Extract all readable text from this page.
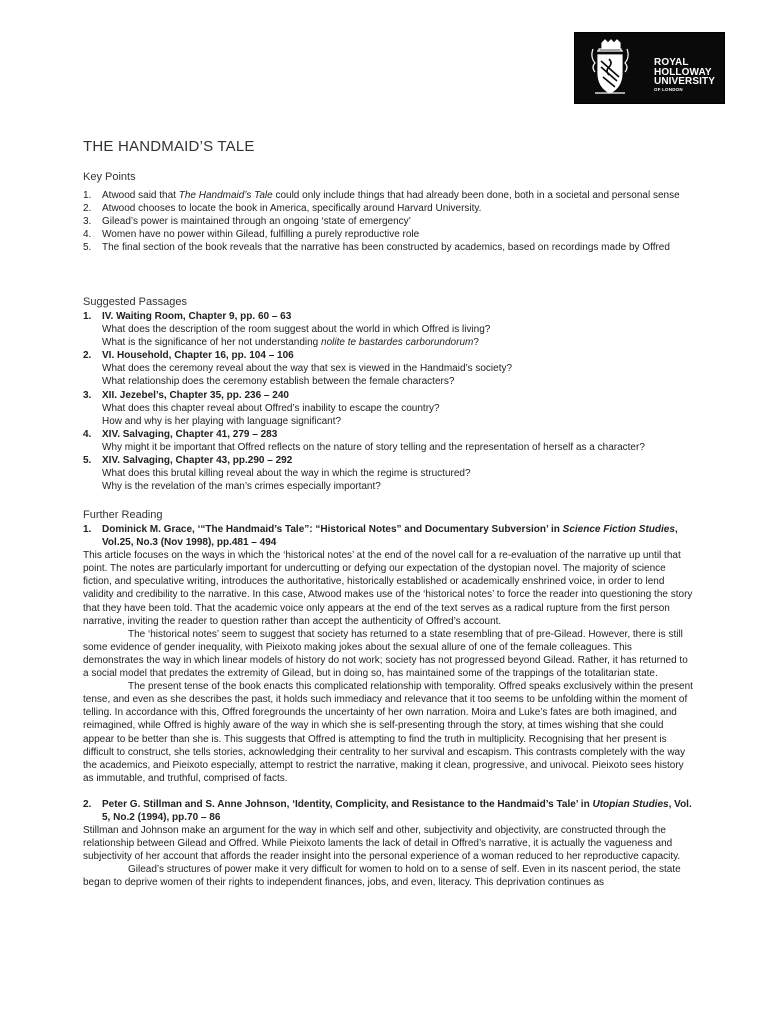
ROYAL
HOLLOWAY
UNIVERSITY
OF LONDON
THE HANDMAID’S TALE
Key Points
1. Atwood said that The Handmaid’s Tale could only include things that had already been done, both in a societal and personal sense
2. Atwood chooses to locate the book in America, specifically around Harvard University.
3. Gilead’s power is maintained through an ongoing ‘state of emergency’
4. Women have no power within Gilead, fulfilling a purely reproductive role
5. The final section of the book reveals that the narrative has been constructed by academics, based on recordings made by Offred
Suggested Passages
1. IV. Waiting Room, Chapter 9, pp. 60 – 63
What does the description of the room suggest about the world in which Offred is living?
What is the significance of her not understanding nolite te bastardes carborundorum?
2. VI. Household, Chapter 16, pp. 104 – 106
What does the ceremony reveal about the way that sex is viewed in the Handmaid’s society?
What relationship does the ceremony establish between the female characters?
3. XII. Jezebel’s, Chapter 35, pp. 236 – 240
What does this chapter reveal about Offred’s inability to escape the country?
How and why is her playing with language significant?
4. XIV. Salvaging, Chapter 41, 279 – 283
Why might it be important that Offred reflects on the nature of story telling and the representation of herself as a character?
5. XIV. Salvaging, Chapter 43, pp.290 – 292
What does this brutal killing reveal about the way in which the regime is structured?
Why is the revelation of the man’s crimes especially important?
Further Reading
1. Dominick M. Grace, ‘“The Handmaid’s Tale”: “Historical Notes” and Documentary Subversion’ in Science Fiction Studies, Vol.25, No.3 (Nov 1998), pp.481 – 494

This article focuses on the ways in which the ‘historical notes’ at the end of the novel call for a re-evaluation of the narrative up until that point. The notes are particularly important for undercutting or defying our expectation of the dystopian novel. The majority of science fiction, and speculative writing, introduces the authoritative, historically established or academically enshrined voice, in order to lend validity and credibility to the narrative. In this case, Atwood makes use of the ‘historical notes’ to force the reader into questioning the story that they have been told. That the academic voice only appears at the end of the text serves as a radical rupture from the first person narrative, inviting the reader to question rather than accept the authenticity of Offred’s account.

The ‘historical notes’ seem to suggest that society has returned to a state resembling that of pre-Gilead. However, there is still some evidence of gender inequality, with Pieixoto making jokes about the sexual allure of one of the female colleagues. This demonstrates the way in which linear models of history do not work; society has not progressed beyond Gilead. Rather, it has returned to a social model that predates the extremity of Gilead, but in doing so, has maintained some of the trappings of the totalitarian state.

The present tense of the book enacts this complicated relationship with temporality. Offred speaks exclusively within the present tense, and even as she describes the past, it holds such immediacy and relevance that it too seems to be unfolding within the moment of telling. In accordance with this, Offred foregrounds the uncertainty of her own narration. Moira and Luke’s fates are both imagined, and reimagined, while Offred is highly aware of the way in which she is self-presenting through the story, at times wishing that she could appear to be better than she is. This suggests that Offred is attempting to find the truth in multiplicity. Recognising that her present is difficult to construct, she tells stories, acknowledging their centrality to her survival and escapism. This contrasts completely with the way the academics, and Pieixoto especially, attempt to restrict the narrative, making it clean, progressive, and univocal. Pieixoto sees history as immutable, and truthful, comprised of facts.

2. Peter G. Stillman and S. Anne Johnson, ‘Identity, Complicity, and Resistance to the Handmaid’s Tale’ in Utopian Studies, Vol. 5, No.2 (1994), pp.70 – 86

Stillman and Johnson make an argument for the way in which self and other, subjectivity and objectivity, are constructed through the relationship between Gilead and Offred. While Pieixoto laments the lack of detail in Offred’s narrative, it is actually the vagueness and subjectivity of her account that affords the reader insight into the personal experience of a woman reduced to her reproductive capacity.

Gilead’s structures of power make it very difficult for women to hold on to a sense of self. Even in its nascent period, the state began to deprive women of their rights to independent finances, jobs, and even, literacy. This deprivation continues as
